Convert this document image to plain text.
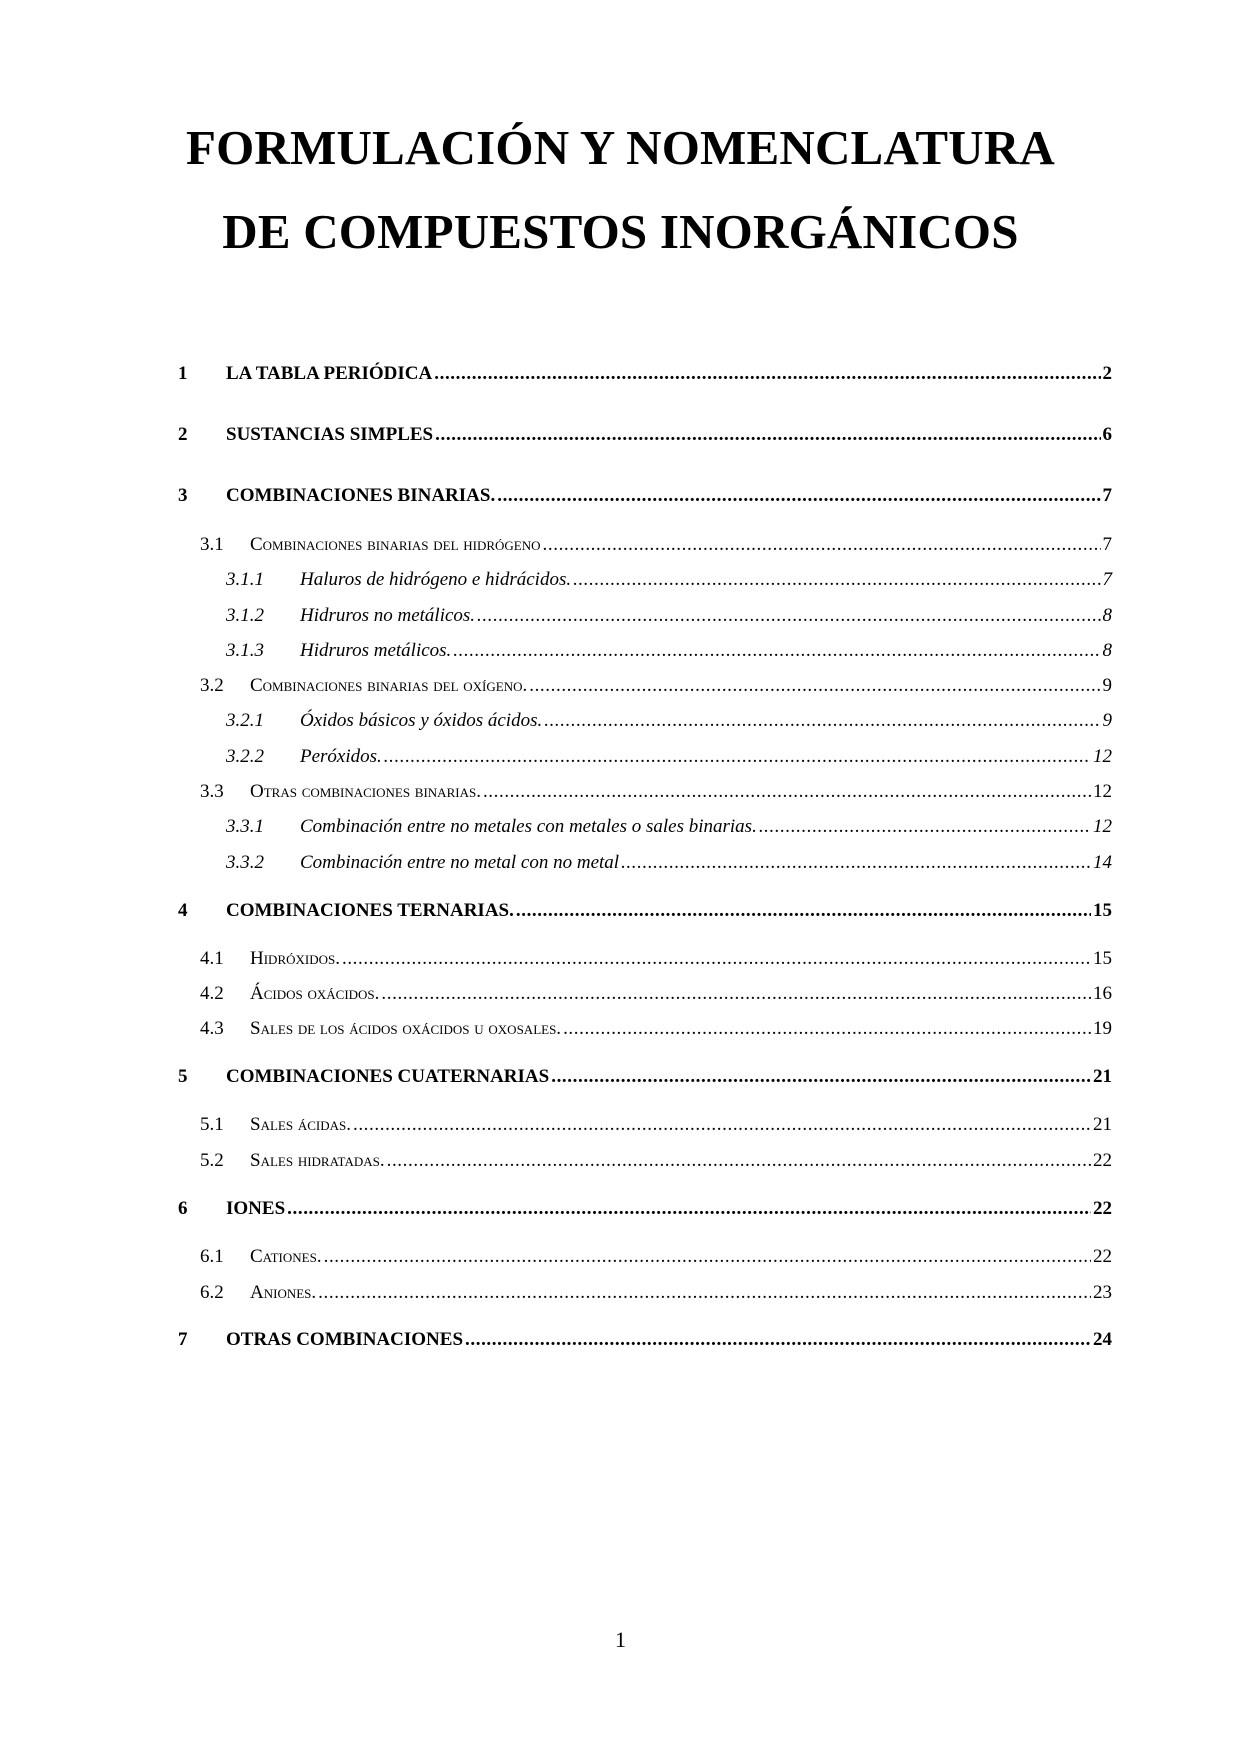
FORMULACIÓN Y NOMENCLATURA
DE COMPUESTOS INORGÁNICOS
1	LA TABLA PERIÓDICA .....	2
2	SUSTANCIAS SIMPLES .....	6
3	COMBINACIONES BINARIAS. .....	7
3.1	Combinaciones binarias del hidrógeno .....	7
3.1.1	Haluros de hidrógeno e hidrácidos. .....	7
3.1.2	Hidruros no metálicos. .....	8
3.1.3	Hidruros metálicos. .....	8
3.2	Combinaciones binarias del oxígeno. .....	9
3.2.1	Óxidos básicos y óxidos ácidos. .....	9
3.2.2	Peróxidos. .....	12
3.3	Otras combinaciones binarias. .....	12
3.3.1	Combinación entre no metales con metales o sales binarias. .....	12
3.3.2	Combinación entre no metal con no metal .....	14
4	COMBINACIONES TERNARIAS. .....	15
4.1	Hidróxidos. .....	15
4.2	Ácidos oxácidos. .....	16
4.3	Sales de los ácidos oxácidos u oxosales. .....	19
5	COMBINACIONES CUATERNARIAS .....	21
5.1	Sales ácidas. .....	21
5.2	Sales hidratadas. .....	22
6	IONES .....	22
6.1	Cationes. .....	22
6.2	Aniones. .....	23
7	OTRAS COMBINACIONES .....	24
1
